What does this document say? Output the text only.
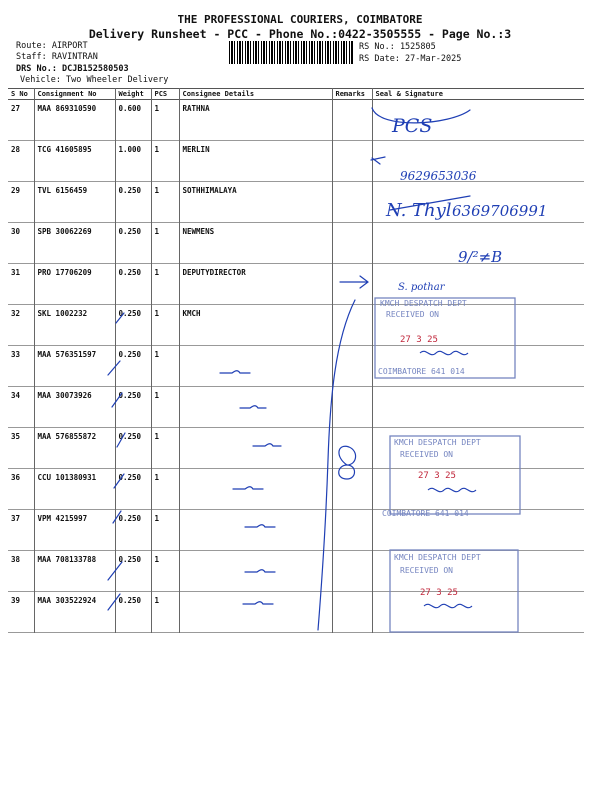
THE PROFESSIONAL COURIERS, COIMBATORE
Delivery Runsheet - PCC - Phone No.:0422-3505555 - Page No.:3
Route: AIRPORT
Staff: RAVINTRAN
DRS No.: DCJB152580503
Vehicle: Two Wheeler Delivery
RS No.: 1525805
RS Date: 27-Mar-2025
S No	Consignment No	Weight	PCS	Consignee Details	Remarks	Seal & Signature
27	MAA 869310590	0.600	1	RATHNA		
28	TCG 41605895	1.000	1	MERLIN		
29	TVL 6156459	0.250	1	SOTHHIMALAYA		
30	SPB 30062269	0.250	1	NEWMENS		
31	PRO 17706209	0.250	1	DEPUTYDIRECTOR		
32	SKL 1002232	0.250	1	KMCH		
33	MAA 576351597	0.250	1			
34	MAA 30073926	0.250	1			
35	MAA 576855872	0.250	1			
36	CCU 101380931	0.250	1			
37	VPM 4215997	0.250	1			
38	MAA 708133788	0.250	1			
39	MAA 303522924	0.250	1			
PCS
9629653036
N. Thyl 6369706991
9/²≠B
S. pothar
KMCH DESPATCH DEPT
RECEIVED ON
27 3 25
COIMBATORE 641 014
KMCH DESPATCH DEPT
RECEIVED ON
27 3 25
COIMBATORE 641 014
KMCH DESPATCH DEPT
RECEIVED ON
27 3 25
